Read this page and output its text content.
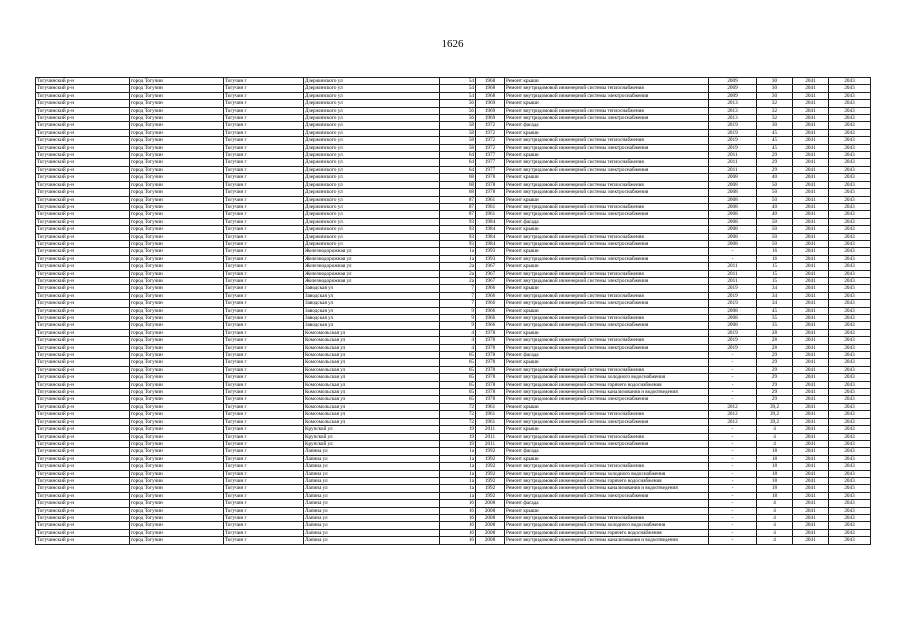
1626
Тогучинский р-н	город Тогучин	Тогучин г	Дзержинского ул	54	1968	Ремонт крыши	2009	30	2041	2043
Тогучинский р-н	город Тогучин	Тогучин г	Дзержинского ул	54	1968	Ремонт внутридомовой инженерной системы теплоснабжения	2009	30	2041	2043
Тогучинский р-н	город Тогучин	Тогучин г	Дзержинского ул	54	1968	Ремонт внутридомовой инженерной системы электроснабжения	2009	30	2041	2043
Тогучинский р-н	город Тогучин	Тогучин г	Дзержинского ул	56	1969	Ремонт крыши	2013	32	2041	2043
Тогучинский р-н	город Тогучин	Тогучин г	Дзержинского ул	56	1969	Ремонт внутридомовой инженерной системы теплоснабжения	2013	32	2041	2043
Тогучинский р-н	город Тогучин	Тогучин г	Дзержинского ул	56	1969	Ремонт внутридомовой инженерной системы электроснабжения	2013	32	2041	2043
Тогучинский р-н	город Тогучин	Тогучин г	Дзержинского ул	58	1972	Ремонт фасада	2019	30	2041	2043
Тогучинский р-н	город Тогучин	Тогучин г	Дзержинского ул	58	1972	Ремонт крыши	2019	45	2041	2043
Тогучинский р-н	город Тогучин	Тогучин г	Дзержинского ул	58	1972	Ремонт внутридомовой инженерной системы теплоснабжения	2019	45	2041	2043
Тогучинский р-н	город Тогучин	Тогучин г	Дзержинского ул	58	1972	Ремонт внутридомовой инженерной системы электроснабжения	2019	45	2041	2043
Тогучинский р-н	город Тогучин	Тогучин г	Дзержинского ул	64	1977	Ремонт крыши	2011	29	2041	2043
Тогучинский р-н	город Тогучин	Тогучин г	Дзержинского ул	64	1977	Ремонт внутридомовой инженерной системы теплоснабжения	2011	29	2041	2043
Тогучинский р-н	город Тогучин	Тогучин г	Дзержинского ул	64	1977	Ремонт внутридомовой инженерной системы электроснабжения	2011	29	2041	2043
Тогучинский р-н	город Тогучин	Тогучин г	Дзержинского ул	68	1978	Ремонт крыши	2008	40	2041	2043
Тогучинский р-н	город Тогучин	Тогучин г	Дзержинского ул	68	1978	Ремонт внутридомовой инженерной системы теплоснабжения	2008	50	2041	2043
Тогучинский р-н	город Тогучин	Тогучин г	Дзержинского ул	68	1978	Ремонт внутридомовой инженерной системы электроснабжения	2008	50	2041	2043
Тогучинский р-н	город Тогучин	Тогучин г	Дзержинского ул	87	1961	Ремонт крыши	2008	50	2041	2043
Тогучинский р-н	город Тогучин	Тогучин г	Дзержинского ул	87	1961	Ремонт внутридомовой инженерной системы теплоснабжения	2008	40	2041	2043
Тогучинский р-н	город Тогучин	Тогучин г	Дзержинского ул	87	1961	Ремонт внутридомовой инженерной системы электроснабжения	2008	40	2041	2043
Тогучинский р-н	город Тогучин	Тогучин г	Дзержинского ул	93	1984	Ремонт фасада	2008	50	2041	2043
Тогучинский р-н	город Тогучин	Тогучин г	Дзержинского ул	93	1984	Ремонт крыши	2008	50	2041	2043
Тогучинский р-н	город Тогучин	Тогучин г	Дзержинского ул	93	1984	Ремонт внутридомовой инженерной системы теплоснабжения	2008	50	2041	2043
Тогучинский р-н	город Тогучин	Тогучин г	Дзержинского ул	93	1984	Ремонт внутридомовой инженерной системы электроснабжения	2008	50	2041	2043
Тогучинский р-н	город Тогучин	Тогучин г	Железнодорожная ул	1а	1993	Ремонт крыши	-	16	2041	2043
Тогучинский р-н	город Тогучин	Тогучин г	Железнодорожная ул	1а	1993	Ремонт внутридомовой инженерной системы электроснабжения	-	16	2041	2043
Тогучинский р-н	город Тогучин	Тогучин г	Железнодорожная ул	2а	1967	Ремонт крыши	2011	15	2041	2043
Тогучинский р-н	город Тогучин	Тогучин г	Железнодорожная ул	2а	1967	Ремонт внутридомовой инженерной системы теплоснабжения	2011	15	2041	2043
Тогучинский р-н	город Тогучин	Тогучин г	Железнодорожная ул	2а	1967	Ремонт внутридомовой инженерной системы электроснабжения	2011	15	2041	2043
Тогучинский р-н	город Тогучин	Тогучин г	Заводская ул	7	1966	Ремонт крыши	2019	34	2041	2043
Тогучинский р-н	город Тогучин	Тогучин г	Заводская ул	7	1966	Ремонт внутридомовой инженерной системы теплоснабжения	2019	34	2041	2043
Тогучинский р-н	город Тогучин	Тогучин г	Заводская ул	7	1966	Ремонт внутридомовой инженерной системы электроснабжения	2019	34	2041	2043
Тогучинский р-н	город Тогучин	Тогучин г	Заводская ул	9	1966	Ремонт крыши	2008	45	2041	2043
Тогучинский р-н	город Тогучин	Тогучин г	Заводская ул	9	1966	Ремонт внутридомовой инженерной системы теплоснабжения	2008	35	2041	2043
Тогучинский р-н	город Тогучин	Тогучин г	Заводская ул	9	1966	Ремонт внутридомовой инженерной системы электроснабжения	2008	35	2041	2043
Тогучинский р-н	город Тогучин	Тогучин г	Комсомольская ул	4	1978	Ремонт крыши	2019	28	2041	2043
Тогучинский р-н	город Тогучин	Тогучин г	Комсомольская ул	4	1978	Ремонт внутридомовой инженерной системы теплоснабжения	2019	28	2041	2043
Тогучинский р-н	город Тогучин	Тогучин г	Комсомольская ул	4	1978	Ремонт внутридомовой инженерной системы электроснабжения	2019	28	2041	2043
Тогучинский р-н	город Тогучин	Тогучин г	Комсомольская ул	65	1978	Ремонт фасада	-	29	2041	2043
Тогучинский р-н	город Тогучин	Тогучин г	Комсомольская ул	65	1978	Ремонт крыши	-	29	2041	2043
Тогучинский р-н	город Тогучин	Тогучин г	Комсомольская ул	65	1978	Ремонт внутридомовой инженерной системы теплоснабжения	-	29	2041	2043
Тогучинский р-н	город Тогучин	Тогучин г	Комсомольская ул	65	1978	Ремонт внутридомовой инженерной системы холодного водоснабжения	-	29	2041	2043
Тогучинский р-н	город Тогучин	Тогучин г	Комсомольская ул	65	1978	Ремонт внутридомовой инженерной системы горячего водоснабжения	-	29	2041	2043
Тогучинский р-н	город Тогучин	Тогучин г	Комсомольская ул	65	1978	Ремонт внутридомовой инженерной системы канализования и водоотведения	-	29	2041	2043
Тогучинский р-н	город Тогучин	Тогучин г	Комсомольская ул	65	1978	Ремонт внутридомовой инженерной системы электроснабжения	-	29	2041	2043
Тогучинский р-н	город Тогучин	Тогучин г	Комсомольская ул	72	1961	Ремонт крыши	2012	39,2	2041	2043
Тогучинский р-н	город Тогучин	Тогучин г	Комсомольская ул	72	1961	Ремонт внутридомовой инженерной системы теплоснабжения	2012	39,2	2041	2043
Тогучинский р-н	город Тогучин	Тогучин г	Комсомольская ул	72	1961	Ремонт внутридомовой инженерной системы электроснабжения	2012	39,2	2041	2043
Тогучинский р-н	город Тогучин	Тогучин г	Крупской ул	19	2011	Ремонт крыши	-	4	2041	2043
Тогучинский р-н	город Тогучин	Тогучин г	Крупской ул	19	2011	Ремонт внутридомовой инженерной системы теплоснабжения	-	4	2041	2043
Тогучинский р-н	город Тогучин	Тогучин г	Крупской ул	19	2011	Ремонт внутридомовой инженерной системы электроснабжения	-	4	2041	2043
Тогучинский р-н	город Тогучин	Тогучин г	Лапина ул	1а	1992	Ремонт фасада	-	18	2041	2043
Тогучинский р-н	город Тогучин	Тогучин г	Лапина ул	1а	1992	Ремонт крыши	-	18	2041	2043
Тогучинский р-н	город Тогучин	Тогучин г	Лапина ул	1а	1992	Ремонт внутридомовой инженерной системы теплоснабжения	-	18	2041	2043
Тогучинский р-н	город Тогучин	Тогучин г	Лапина ул	1а	1992	Ремонт внутридомовой инженерной системы холодного водоснабжения	-	18	2041	2043
Тогучинский р-н	город Тогучин	Тогучин г	Лапина ул	1а	1992	Ремонт внутридомовой инженерной системы горячего водоснабжения	-	18	2041	2043
Тогучинский р-н	город Тогучин	Тогучин г	Лапина ул	1а	1992	Ремонт внутридомовой инженерной системы канализования и водоотведения	-	18	2041	2043
Тогучинский р-н	город Тогучин	Тогучин г	Лапина ул	1а	1992	Ремонт внутридомовой инженерной системы электроснабжения	-	18	2041	2043
Тогучинский р-н	город Тогучин	Тогучин г	Лапина ул	16	2008	Ремонт фасада	-	4	2041	2043
Тогучинский р-н	город Тогучин	Тогучин г	Лапина ул	16	2008	Ремонт крыши	-	4	2041	2043
Тогучинский р-н	город Тогучин	Тогучин г	Лапина ул	16	2008	Ремонт внутридомовой инженерной системы теплоснабжения	-	4	2041	2043
Тогучинский р-н	город Тогучин	Тогучин г	Лапина ул	16	2008	Ремонт внутридомовой инженерной системы холодного водоснабжения	-	4	2041	2043
Тогучинский р-н	город Тогучин	Тогучин г	Лапина ул	16	2008	Ремонт внутридомовой инженерной системы горячего водоснабжения	-	4	2041	2043
Тогучинский р-н	город Тогучин	Тогучин г	Лапина ул	16	2008	Ремонт внутридомовой инженерной системы канализования и водоотведения	-	4	2041	2043
